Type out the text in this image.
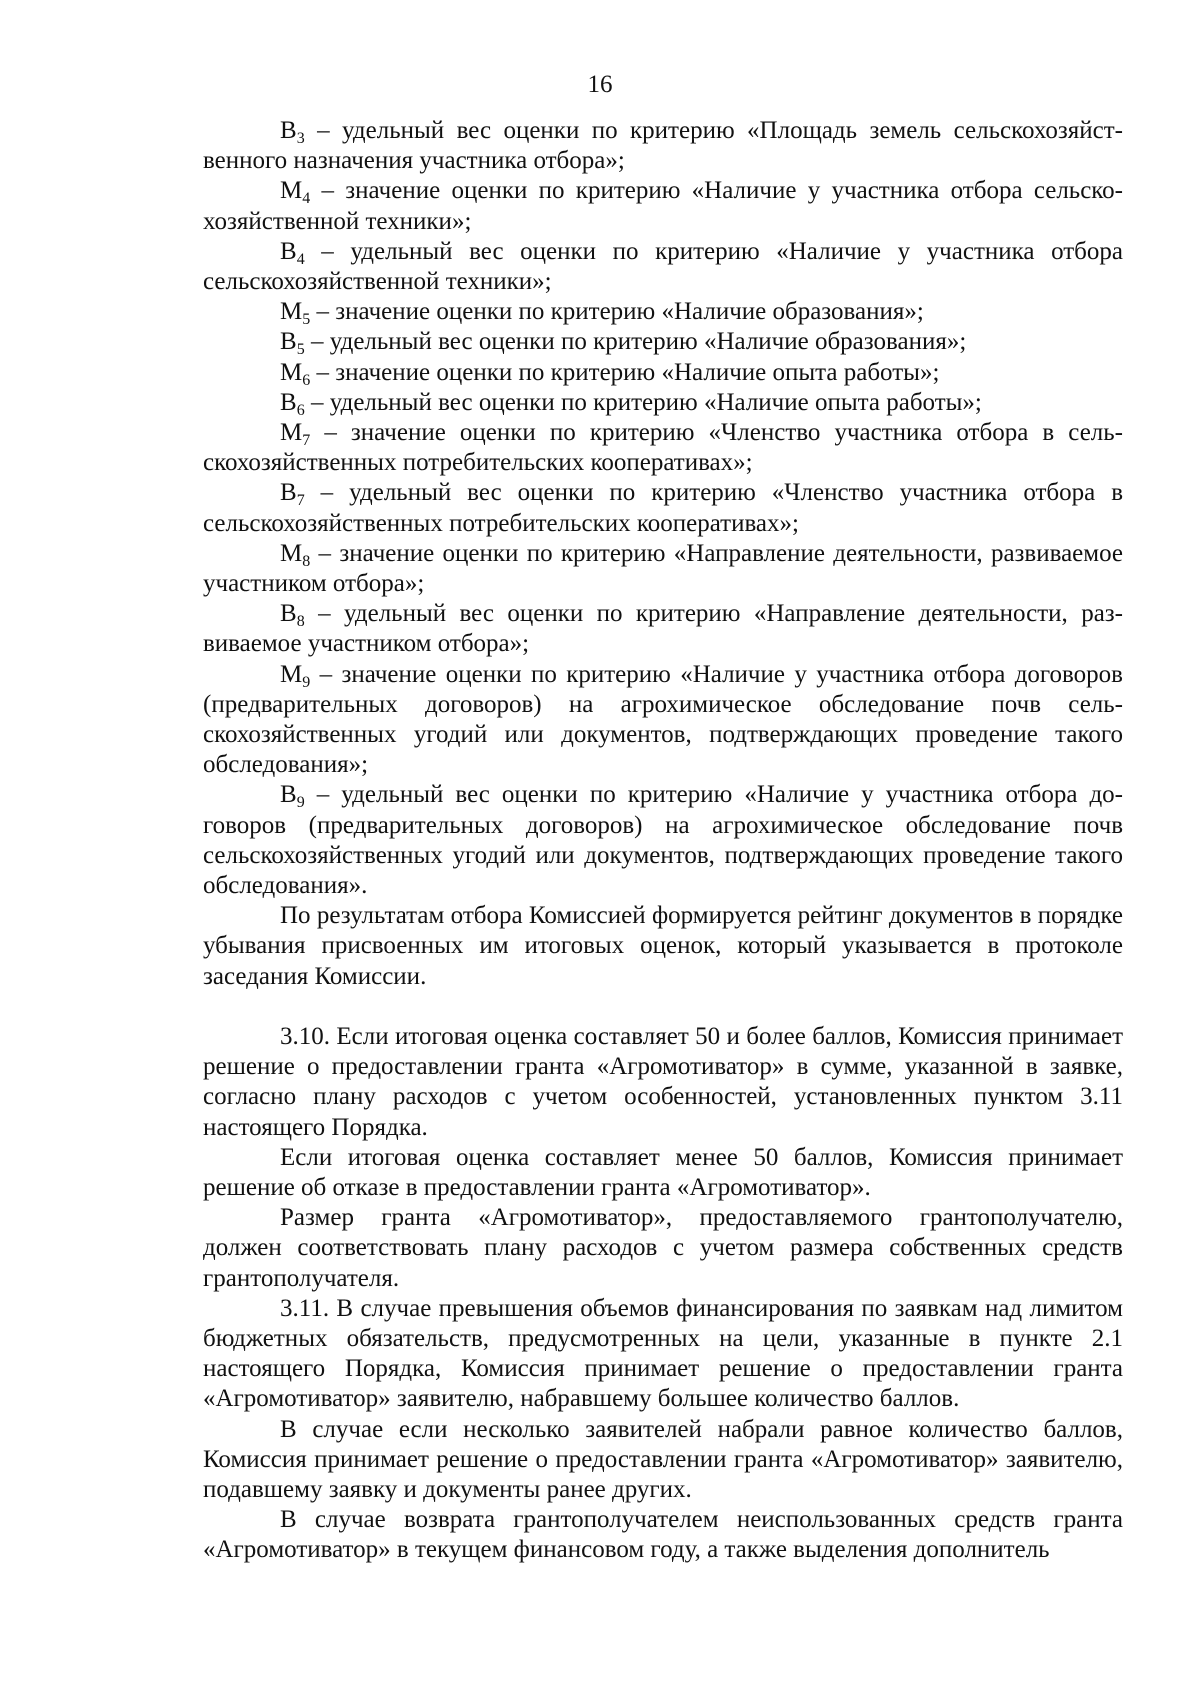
16

$В_3$ – удельный вес оценки по критерию «Площадь земель сельскохозяйственного назначения участника отбора»;

$М_4$ – значение оценки по критерию «Наличие у участника отбора сельскохозяйственной техники»;

$В_4$ – удельный вес оценки по критерию «Наличие у участника отбора сельскохозяйственной техники»;

$М_5$ – значение оценки по критерию «Наличие образования»;

$В_5$ – удельный вес оценки по критерию «Наличие образования»;

$М_6$ – значение оценки по критерию «Наличие опыта работы»;

$В_6$ – удельный вес оценки по критерию «Наличие опыта работы»;

$М_7$ – значение оценки по критерию «Членство участника отбора в сельскохозяйственных потребительских кооперативах»;

$В_7$ – удельный вес оценки по критерию «Членство участника отбора в сельскохозяйственных потребительских кооперативах»;

$М_8$ – значение оценки по критерию «Направление деятельности, развиваемое участником отбора»;

$В_8$ – удельный вес оценки по критерию «Направление деятельности, развиваемое участником отбора»;

$М_9$ – значение оценки по критерию «Наличие у участника отбора договоров (предварительных договоров) на агрохимическое обследование почв сельскохозяйственных угодий или документов, подтверждающих проведение такого обследования»;

$В_9$ – удельный вес оценки по критерию «Наличие у участника отбора договоров (предварительных договоров) на агрохимическое обследование почв сельскохозяйственных угодий или документов, подтверждающих проведение такого обследования».

По результатам отбора Комиссией формируется рейтинг документов в порядке убывания присвоенных им итоговых оценок, который указывается в протоколе заседания Комиссии.

3.10. Если итоговая оценка составляет 50 и более баллов, Комиссия принимает решение о предоставлении гранта «Агромотиватор» в сумме, указанной в заявке, согласно плану расходов с учетом особенностей, установленных пунктом 3.11 настоящего Порядка.

Если итоговая оценка составляет менее 50 баллов, Комиссия принимает решение об отказе в предоставлении гранта «Агромотиватор».

Размер гранта «Агромотиватор», предоставляемого грантополучателю, должен соответствовать плану расходов с учетом размера собственных средств грантополучателя.

3.11. В случае превышения объемов финансирования по заявкам над лимитом бюджетных обязательств, предусмотренных на цели, указанные в пункте 2.1 настоящего Порядка, Комиссия принимает решение о предоставлении гранта «Агромотиватор» заявителю, набравшему большее количество баллов.

В случае если несколько заявителей набрали равное количество баллов, Комиссия принимает решение о предоставлении гранта «Агромотиватор» заявителю, подавшему заявку и документы ранее других.

В случае возврата грантополучателем неиспользованных средств гранта «Агромотиватор» в текущем финансовом году, а также выделения дополнитель
